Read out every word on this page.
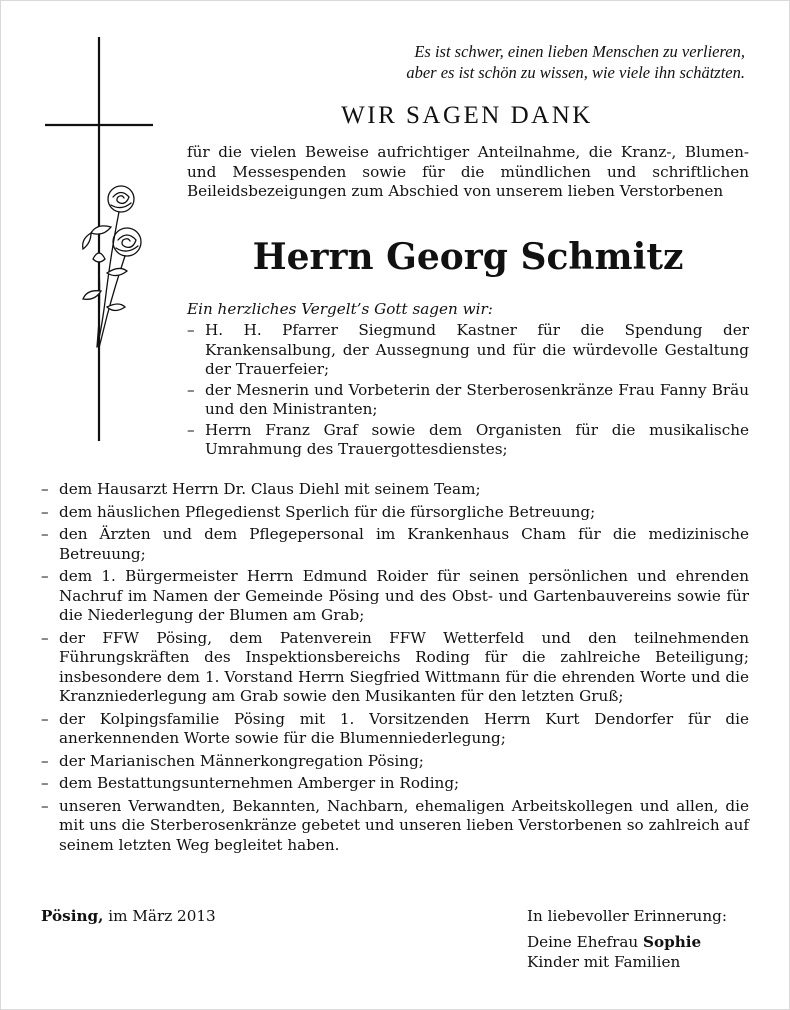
Es ist schwer, einen lieben Menschen zu verlieren,
aber es ist schön zu wissen, wie viele ihn schätzten.

WIR SAGEN DANK

für die vielen Beweise aufrichtiger Anteilnahme, die Kranz-, Blumen- und Messespenden sowie für die mündlichen und schriftlichen Beileidsbezeigungen zum Abschied von unserem lieben Verstorbenen

Herrn Georg Schmitz

Ein herzliches Vergelt’s Gott sagen wir:

– H. H. Pfarrer Siegmund Kastner für die Spendung der Krankensalbung, der Aussegnung und für die würdevolle Gestaltung der Trauerfeier;
– der Mesnerin und Vorbeterin der Sterberosenkränze Frau Fanny Bräu und den Ministranten;
– Herrn Franz Graf sowie dem Organisten für die musikalische Umrahmung des Trauergottesdienstes;
– dem Hausarzt Herrn Dr. Claus Diehl mit seinem Team;
– dem häuslichen Pflegedienst Sperlich für die fürsorgliche Betreuung;
– den Ärzten und dem Pflegepersonal im Krankenhaus Cham für die medizinische Betreuung;
– dem 1. Bürgermeister Herrn Edmund Roider für seinen persönlichen und ehrenden Nachruf im Namen der Gemeinde Pösing und des Obst- und Gartenbauvereins sowie für die Niederlegung der Blumen am Grab;
– der FFW Pösing, dem Patenverein FFW Wetterfeld und den teilnehmenden Führungskräften des Inspektionsbereichs Roding für die zahlreiche Beteiligung; insbesondere dem 1. Vorstand Herrn Siegfried Wittmann für die ehrenden Worte und die Kranzniederlegung am Grab sowie den Musikanten für den letzten Gruß;
– der Kolpingsfamilie Pösing mit 1. Vorsitzenden Herrn Kurt Dendorfer für die anerkennenden Worte sowie für die Blumenniederlegung;
– der Marianischen Männerkongregation Pösing;
– dem Bestattungsunternehmen Amberger in Roding;
– unseren Verwandten, Bekannten, Nachbarn, ehemaligen Arbeitskollegen und allen, die mit uns die Sterberosenkränze gebetet und unseren lieben Verstorbenen so zahlreich auf seinem letzten Weg begleitet haben.

Pösing, im März 2013	In liebevoller Erinnerung:
Deine Ehefrau Sophie
Kinder mit Familien
